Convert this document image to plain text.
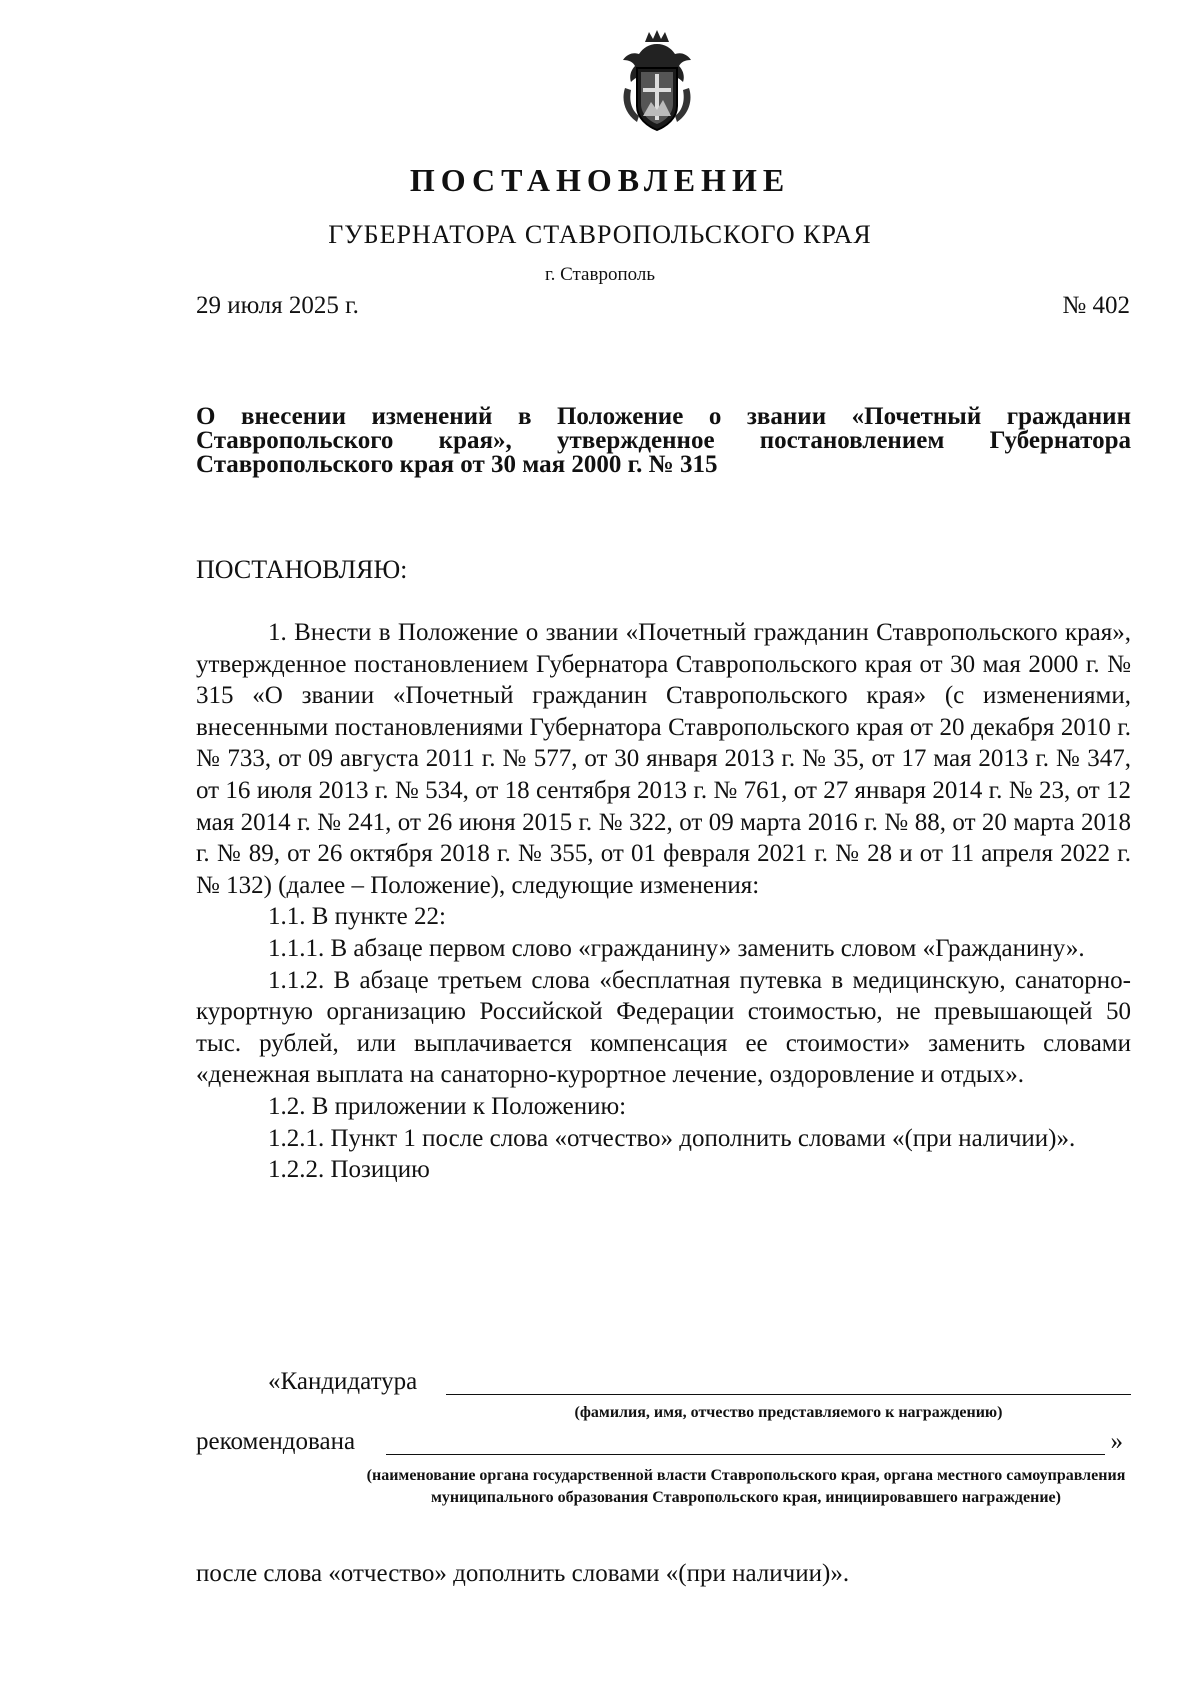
ПОСТАНОВЛЕНИЕ
ГУБЕРНАТОРА СТАВРОПОЛЬСКОГО КРАЯ
г. Ставрополь
29 июля 2025 г.	№ 402
О внесении изменений в Положение о звании «Почетный гражданин Ставропольского края», утвержденное постановлением Губернатора Ставропольского края от 30 мая 2000 г. № 315
ПОСТАНОВЛЯЮ:

1. Внести в Положение о звании «Почетный гражданин Ставропольского края», утвержденное постановлением Губернатора Ставропольского края от 30 мая 2000 г. № 315 «О звании «Почетный гражданин Ставропольского края» (с изменениями, внесенными постановлениями Губернатора Ставропольского края от 20 декабря 2010 г. № 733, от 09 августа 2011 г. № 577, от 30 января 2013 г. № 35, от 17 мая 2013 г. № 347, от 16 июля 2013 г. № 534, от 18 сентября 2013 г. № 761, от 27 января 2014 г. № 23, от 12 мая 2014 г. № 241, от 26 июня 2015 г. № 322, от 09 марта 2016 г. № 88, от 20 марта 2018 г. № 89, от 26 октября 2018 г. № 355, от 01 февраля 2021 г. № 28 и от 11 апреля 2022 г. № 132) (далее – Положение), следующие изменения:

1.1. В пункте 22:

1.1.1. В абзаце первом слово «гражданину» заменить словом «Гражданину».

1.1.2. В абзаце третьем слова «бесплатная путевка в медицинскую, санаторно-курортную организацию Российской Федерации стоимостью, не превышающей 50 тыс. рублей, или выплачивается компенсация ее стоимости» заменить словами «денежная выплата на санаторно-курортное лечение, оздоровление и отдых».

1.2. В приложении к Положению:

1.2.1. Пункт 1 после слова «отчество» дополнить словами «(при наличии)».

1.2.2. Позицию

«Кандидатура
(фамилия, имя, отчество представляемого к награждению)
рекомендована	»
(наименование органа государственной власти Ставропольского края, органа местного самоуправления муниципального образования Ставропольского края, инициировавшего награждение)
после слова «отчество» дополнить словами «(при наличии)».
